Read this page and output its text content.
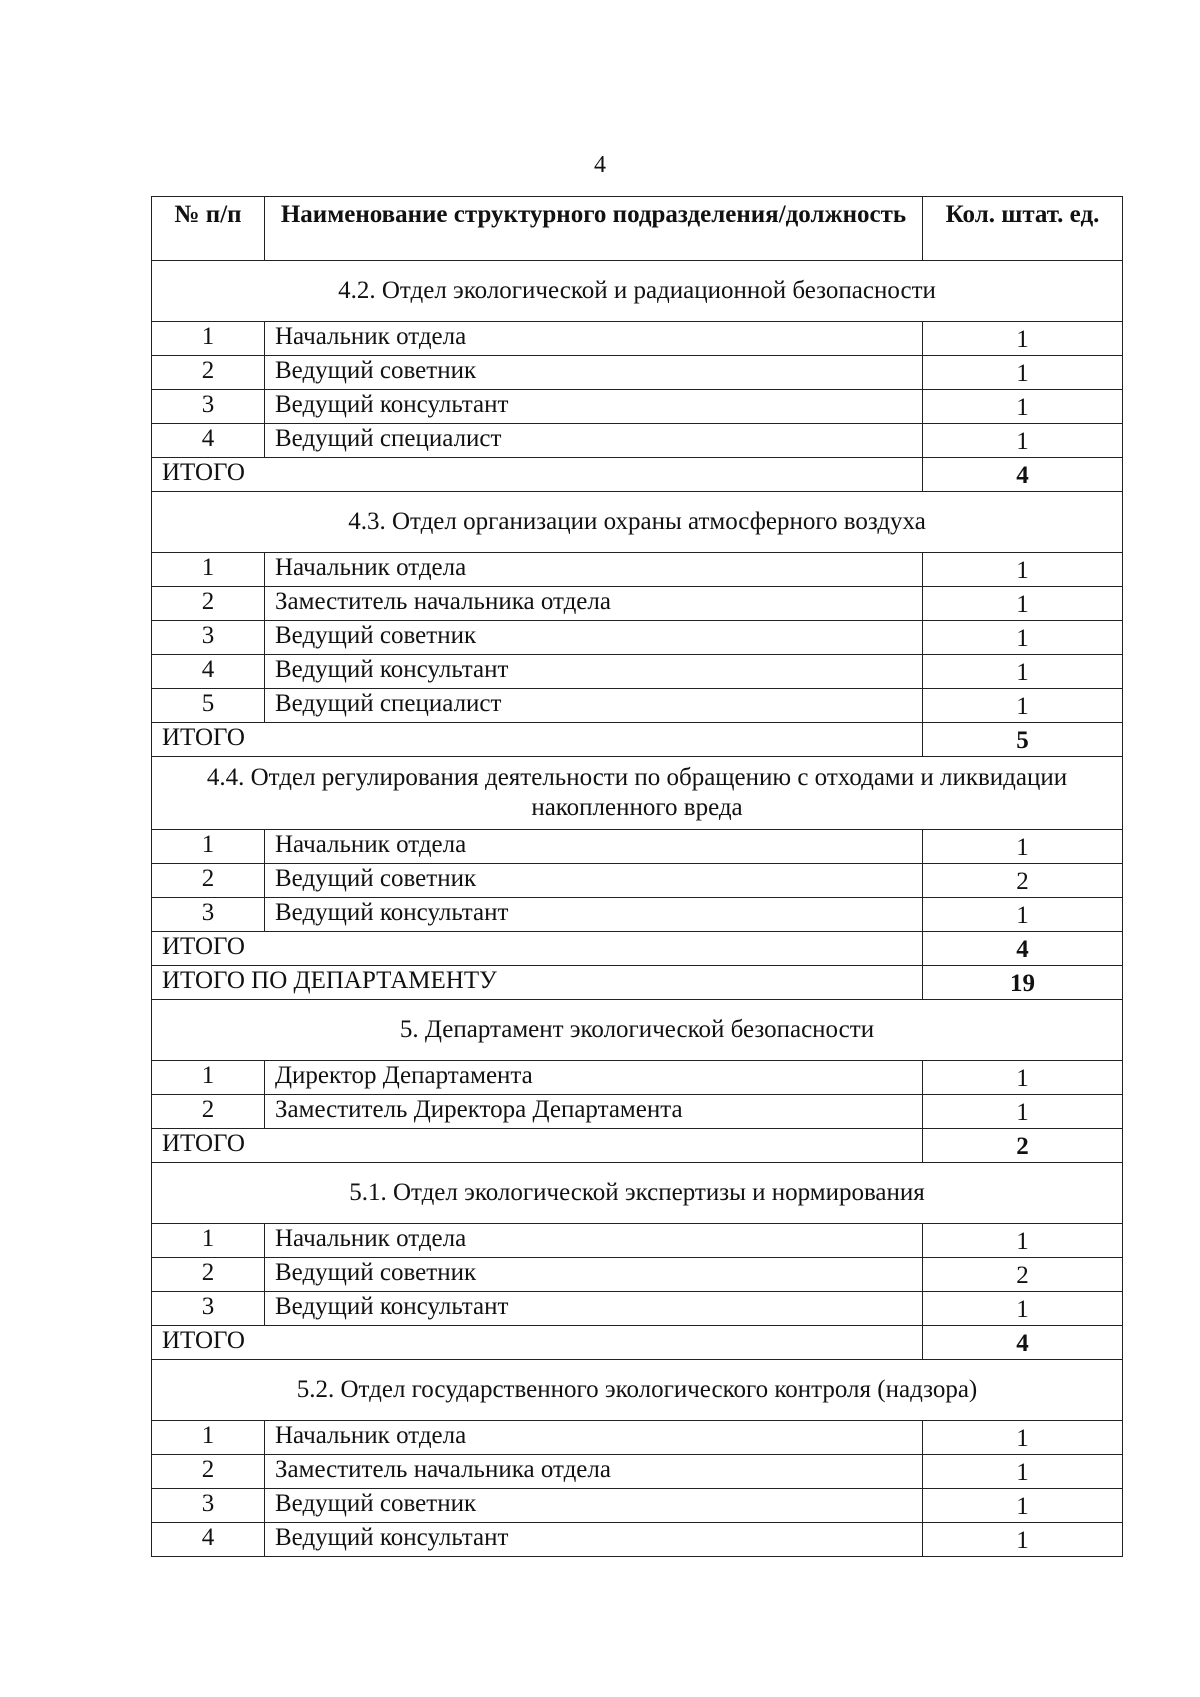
4
№ п/п	Наименование структурного подразделения/должность	Кол. штат. ед.
4.2. Отдел экологической и радиационной безопасности		
1	Начальник отдела	1
2	Ведущий советник	1
3	Ведущий консультант	1
4	Ведущий специалист	1
ИТОГО		4
4.3. Отдел организации охраны атмосферного воздуха		
1	Начальник отдела	1
2	Заместитель начальника отдела	1
3	Ведущий советник	1
4	Ведущий консультант	1
5	Ведущий специалист	1
ИТОГО		5
4.4. Отдел регулирования деятельности по обращению с отходами и ликвидации накопленного вреда		
1	Начальник отдела	1
2	Ведущий советник	2
3	Ведущий консультант	1
ИТОГО		4
ИТОГО ПО ДЕПАРТАМЕНТУ		19
5. Департамент экологической безопасности		
1	Директор Департамента	1
2	Заместитель Директора Департамента	1
ИТОГО		2
5.1. Отдел экологической экспертизы и нормирования		
1	Начальник отдела	1
2	Ведущий советник	2
3	Ведущий консультант	1
ИТОГО		4
5.2. Отдел государственного экологического контроля (надзора)		
1	Начальник отдела	1
2	Заместитель начальника отдела	1
3	Ведущий советник	1
4	Ведущий консультант	1
